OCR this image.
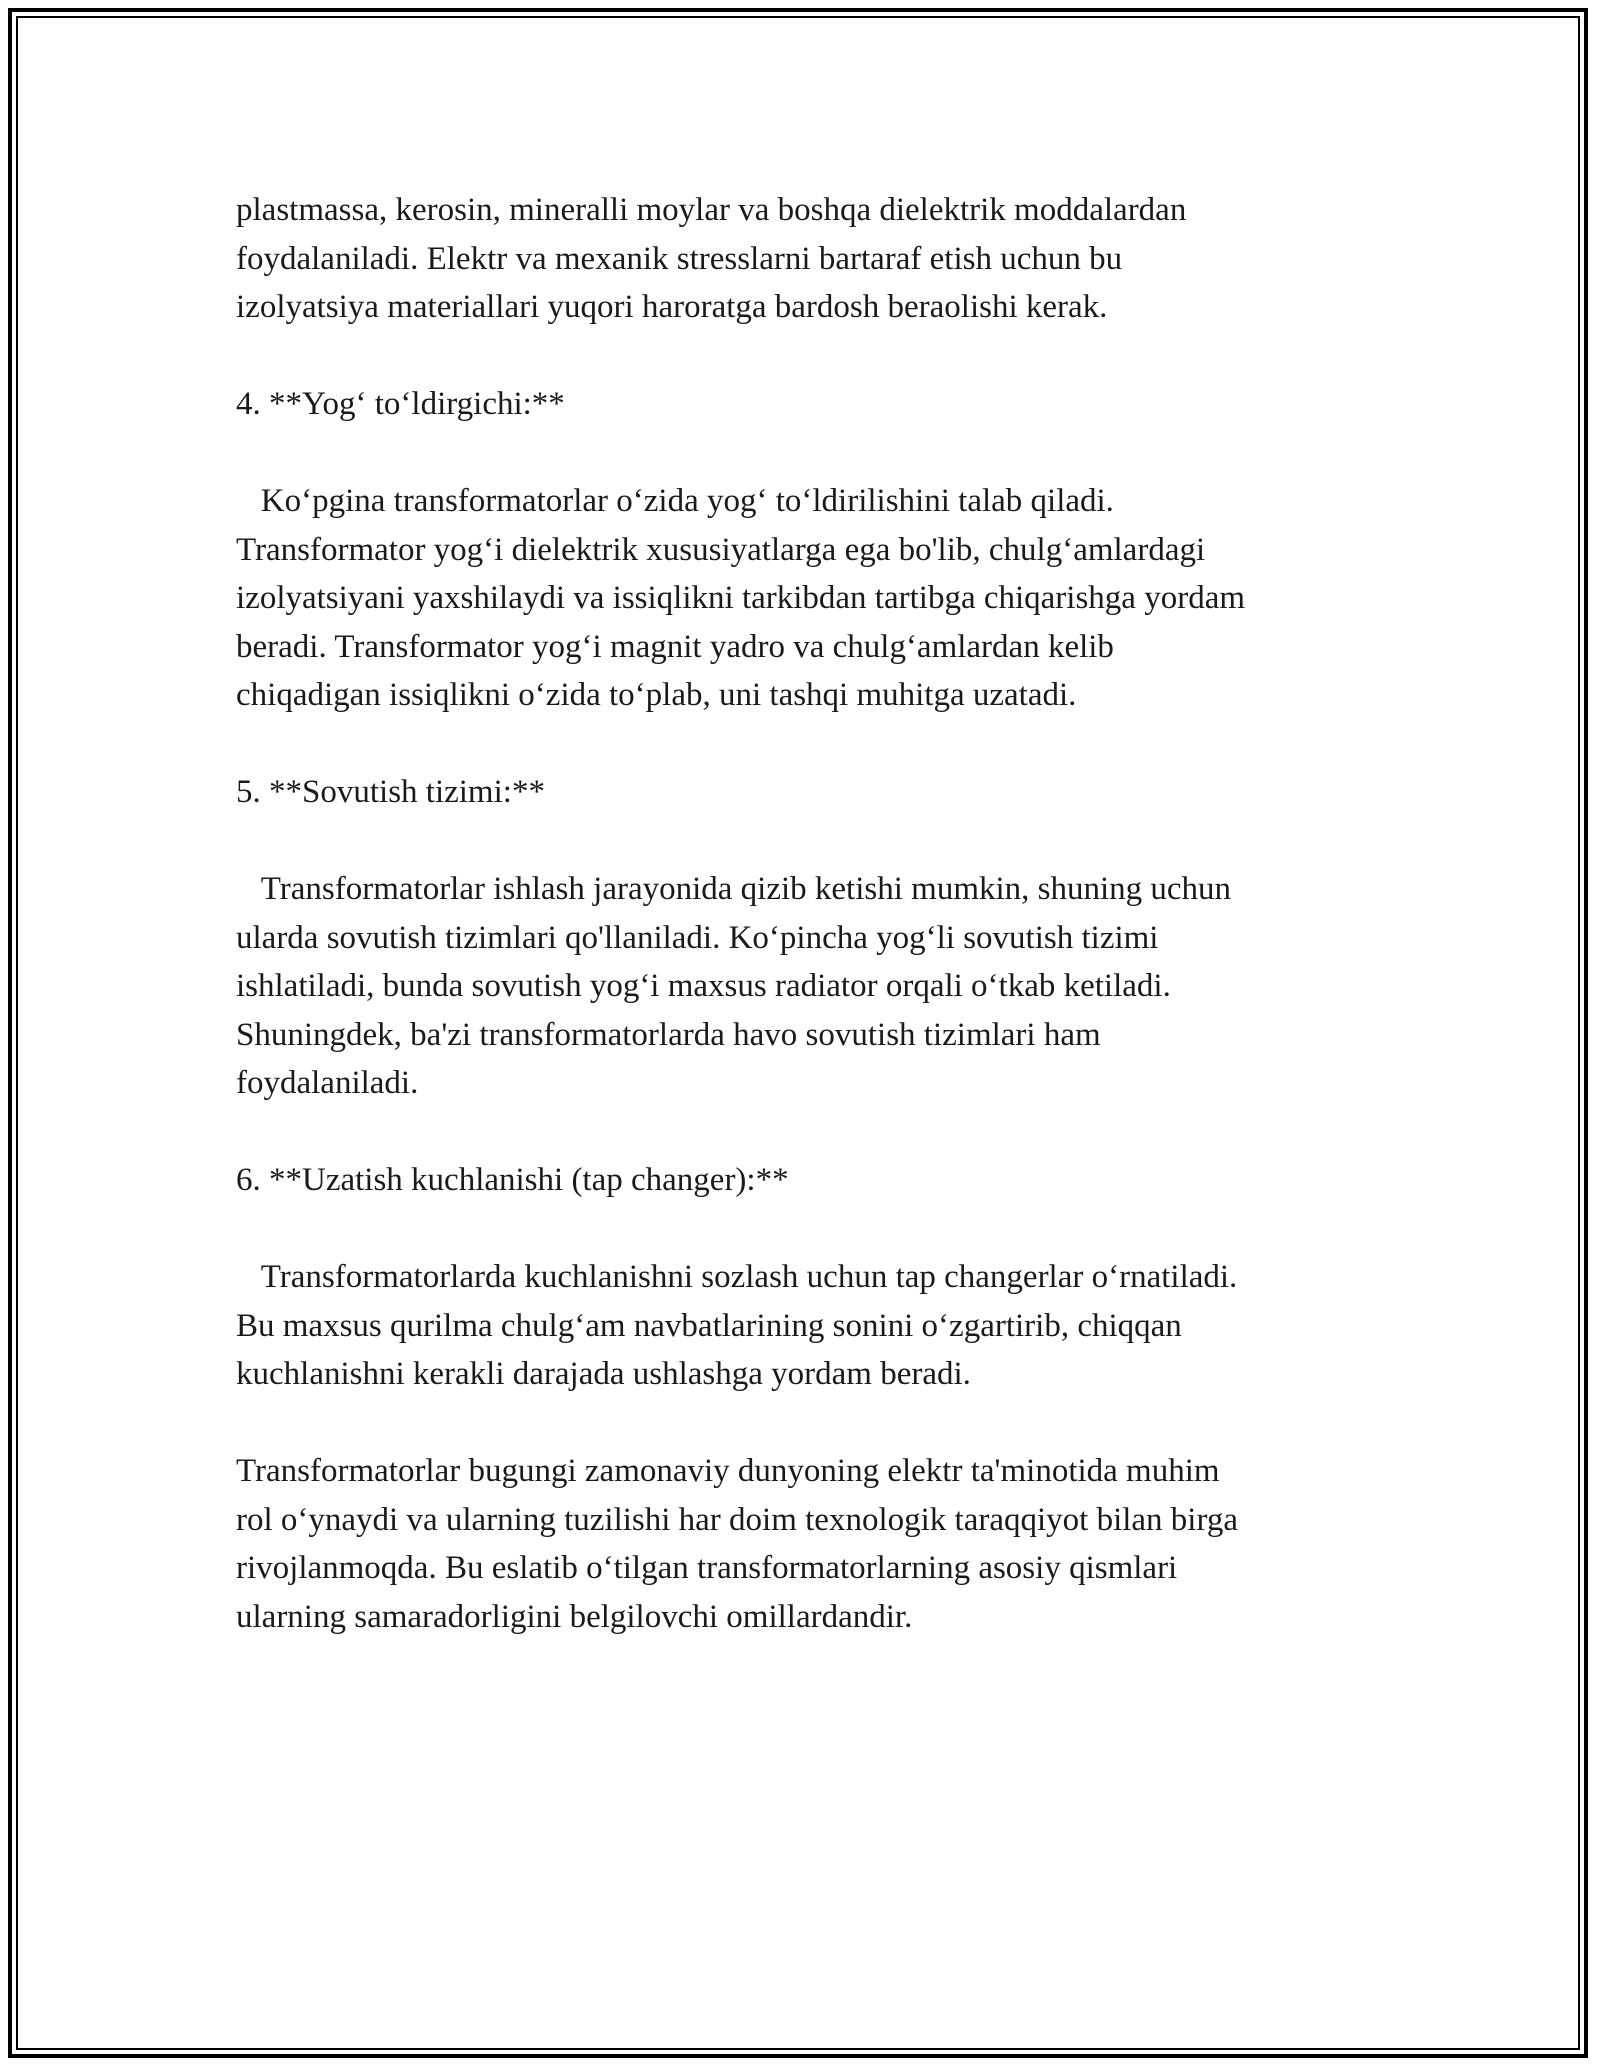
plastmassa, kerosin, mineralli moylar va boshqa dielektrik moddalardan
foydalaniladi. Elektr va mexanik stresslarni bartaraf etish uchun bu
izolyatsiya materiallari yuqori haroratga bardosh beraolishi kerak.

4. **Yog‘ to‘ldirgichi:**

Ko‘pgina transformatorlar o‘zida yog‘ to‘ldirilishini talab qiladi.
Transformator yog‘i dielektrik xususiyatlarga ega bo'lib, chulg‘amlardagi
izolyatsiyani yaxshilaydi va issiqlikni tarkibdan tartibga chiqarishga yordam
beradi. Transformator yog‘i magnit yadro va chulg‘amlardan kelib
chiqadigan issiqlikni o‘zida to‘plab, uni tashqi muhitga uzatadi.

5. **Sovutish tizimi:**

Transformatorlar ishlash jarayonida qizib ketishi mumkin, shuning uchun
ularda sovutish tizimlari qo'llaniladi. Ko‘pincha yog‘li sovutish tizimi
ishlatiladi, bunda sovutish yog‘i maxsus radiator orqali o‘tkab ketiladi.
Shuningdek, ba'zi transformatorlarda havo sovutish tizimlari ham
foydalaniladi.

6. **Uzatish kuchlanishi (tap changer):**

Transformatorlarda kuchlanishni sozlash uchun tap changerlar o‘rnatiladi.
Bu maxsus qurilma chulg‘am navbatlarining sonini o‘zgartirib, chiqqan
kuchlanishni kerakli darajada ushlashga yordam beradi.

Transformatorlar bugungi zamonaviy dunyoning elektr ta'minotida muhim
rol o‘ynaydi va ularning tuzilishi har doim texnologik taraqqiyot bilan birga
rivojlanmoqda. Bu eslatib o‘tilgan transformatorlarning asosiy qismlari
ularning samaradorligini belgilovchi omillardandir.
